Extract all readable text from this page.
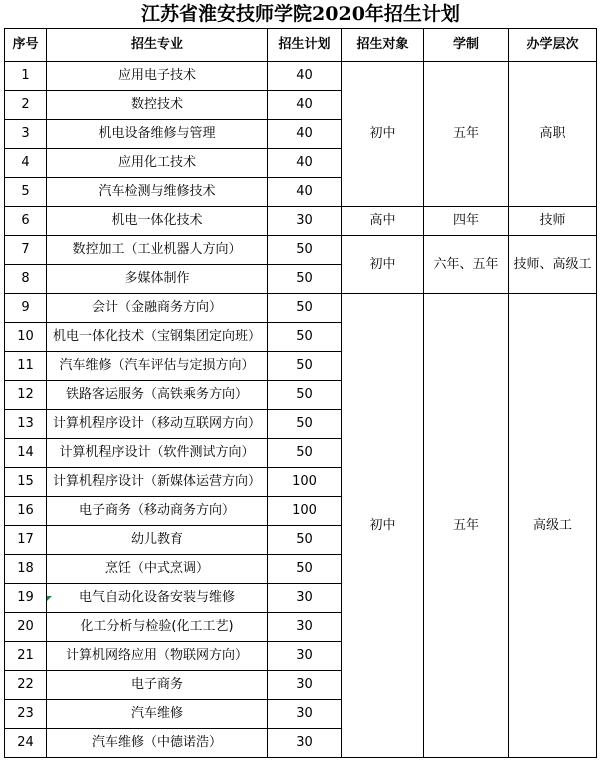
江苏省淮安技师学院2020年招生计划
序号	招生专业	招生计划	招生对象	学制	办学层次
1	应用电子技术	40	初中	五年	高职
2	数控技术	40			
3	机电设备维修与管理	40			
4	应用化工技术	40			
5	汽车检测与维修技术	40			
6	机电一体化技术	30	高中	四年	技师
7	数控加工（工业机器人方向）	50	初中	六年、五年	技师、高级工
8	多媒体制作	50			
9	会计（金融商务方向）	50	初中	五年	高级工
10	机电一体化技术（宝钢集团定向班）	50			
11	汽车维修（汽车评估与定损方向）	50			
12	铁路客运服务（高铁乘务方向）	50			
13	计算机程序设计（移动互联网方向）	50			
14	计算机程序设计（软件测试方向）	50			
15	计算机程序设计（新媒体运营方向）	100			
16	电子商务（移动商务方向）	100			
17	幼儿教育	50			
18	烹饪（中式烹调）	50			
19	电气自动化设备安装与维修	30			
20	化工分析与检验(化工工艺)	30			
21	计算机网络应用（物联网方向）	30			
22	电子商务	30			
23	汽车维修	30			
24	汽车维修（中德诺浩）	30			
